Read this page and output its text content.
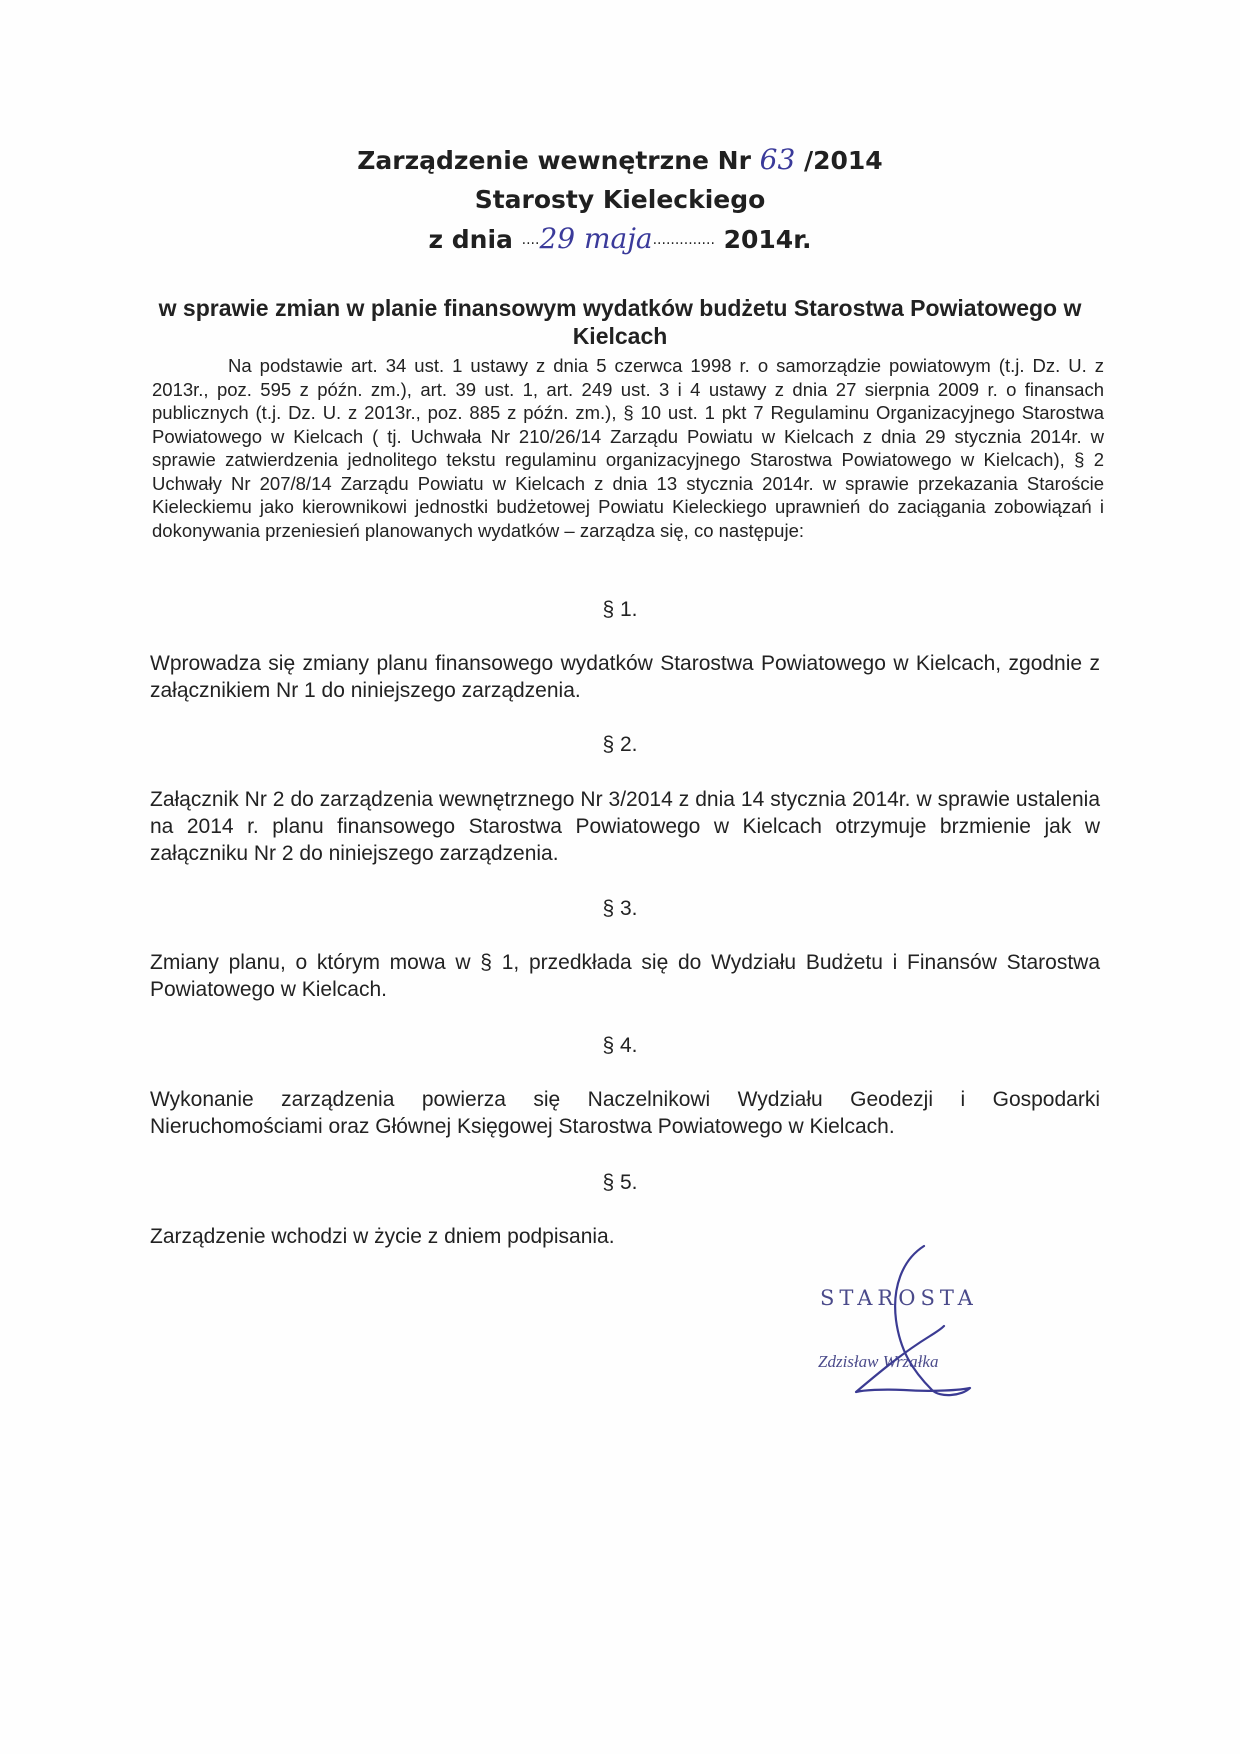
Zarządzenie wewnętrzne Nr 63 /2014
Starosty Kieleckiego
z dnia ....29 maja.............. 2014r.
w sprawie zmian w planie finansowym wydatków budżetu Starostwa Powiatowego w Kielcach
Na podstawie art. 34 ust. 1 ustawy z dnia 5 czerwca 1998 r. o samorządzie powiatowym (t.j. Dz. U. z 2013r., poz. 595 z późn. zm.), art. 39 ust. 1, art. 249 ust. 3 i 4 ustawy z dnia 27 sierpnia 2009 r. o finansach publicznych (t.j. Dz. U. z 2013r., poz. 885 z późn. zm.), § 10 ust. 1 pkt 7 Regulaminu Organizacyjnego Starostwa Powiatowego w Kielcach ( tj. Uchwała Nr 210/26/14 Zarządu Powiatu w Kielcach z dnia 29 stycznia 2014r. w sprawie zatwierdzenia jednolitego tekstu regulaminu organizacyjnego Starostwa Powiatowego w Kielcach), § 2 Uchwały Nr 207/8/14 Zarządu Powiatu w Kielcach z dnia 13 stycznia 2014r. w sprawie przekazania Staroście Kieleckiemu jako kierownikowi jednostki budżetowej Powiatu Kieleckiego uprawnień do zaciągania zobowiązań i dokonywania przeniesień planowanych wydatków – zarządza się, co następuje:
§ 1.
Wprowadza się zmiany planu finansowego wydatków Starostwa Powiatowego w Kielcach, zgodnie z załącznikiem Nr 1 do niniejszego zarządzenia.
§ 2.
Załącznik Nr 2 do zarządzenia wewnętrznego Nr 3/2014 z dnia 14 stycznia 2014r. w sprawie ustalenia na 2014 r. planu finansowego Starostwa Powiatowego w Kielcach otrzymuje brzmienie jak w załączniku Nr 2 do niniejszego zarządzenia.
§ 3.
Zmiany planu, o którym mowa w § 1, przedkłada się do Wydziału Budżetu i Finansów Starostwa Powiatowego w Kielcach.
§ 4.
Wykonanie zarządzenia powierza się Naczelnikowi Wydziału Geodezji i Gospodarki Nieruchomościami oraz Głównej Księgowej Starostwa Powiatowego w Kielcach.
§ 5.
Zarządzenie wchodzi w życie z dniem podpisania.
STAROSTA
Zdzisław Wrzałka
